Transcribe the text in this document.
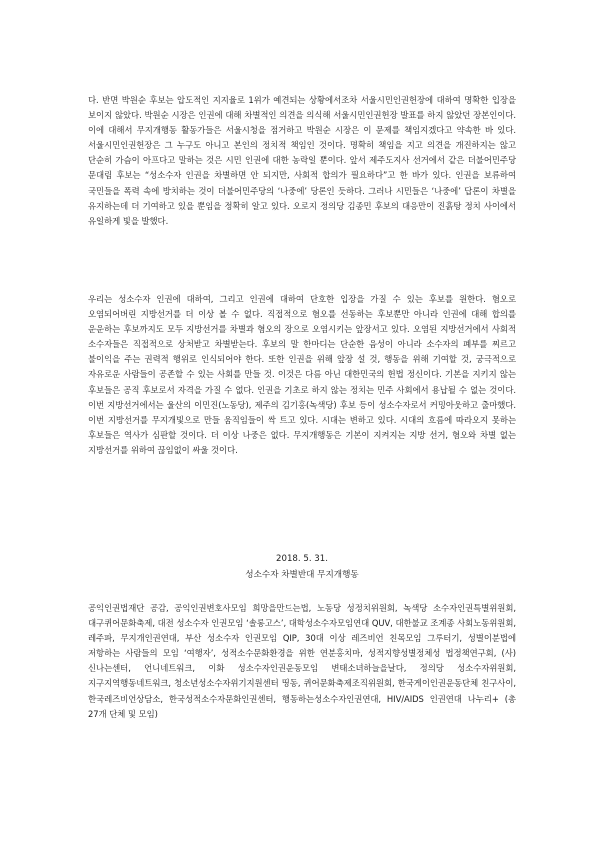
다. 반면 박원순 후보는 압도적인 지지율로 1위가 예견되는 상황에서조차 서울시민인권헌장에 대하여 명확한 입장을 보이지 않았다. 박원순 시장은 인권에 대해 차별적인 의견을 의식해 서울시민인권헌장 발표를 하지 않았던 장본인이다. 이에 대해서 무지개행동 활동가들은 서울시청을 점거하고 박원순 시장은 이 문제를 책임지겠다고 약속한 바 있다. 서울시민인권헌장은 그 누구도 아니고 본인의 정치적 책임인 것이다. 명확히 책임을 지고 의견을 개진하지는 않고 단순히 가슴이 아프다고 말하는 것은 시민 인권에 대한 농락일 뿐이다. 앞서 제주도지사 선거에서 같은 더불어민주당 문대림 후보는 “성소수자 인권을 차별하면 안 되지만, 사회적 합의가 필요하다”고 한 바가 있다. 인권을 보류하여 국민들을 폭력 속에 방치하는 것이 더불어민주당의 ‘나중에’ 당론인 듯하다. 그러나 시민들은 ‘나중에’ 답론이 차별을 유지하는데 더 기여하고 있을 뿐임을 정확히 알고 있다. 오로지 정의당 김종민 후보의 대응만이 진흙탕 정치 사이에서 유일하게 빛을 발했다.

우리는 성소수자 인권에 대하여, 그리고 인권에 대하여 단호한 입장을 가질 수 있는 후보를 원한다. 혐오로 오염되어버린 지방선거를 더 이상 볼 수 없다. 직접적으로 혐오를 선동하는 후보뿐만 아니라 인권에 대해 합의를 운운하는 후보까지도 모두 지방선거를 차별과 혐오의 장으로 오염시키는 앞장서고 있다. 오염된 지방선거에서 사회적 소수자들은 직접적으로 상처받고 차별받는다. 후보의 말 한마디는 단순한 음성이 아니라 소수자의 폐부를 찌르고 불이익을 주는 권력적 행위로 인식되어야 한다. 또한 인권을 위해 앞장 설 것, 행동을 위해 기여할 것, 궁극적으로 자유로운 사람들이 공존할 수 있는 사회를 만들 것. 이것은 다름 아닌 대한민국의 헌법 정신이다. 기본을 지키지 않는 후보들은 공직 후보로서 자격을 가질 수 없다. 인권을 기초로 하지 않는 정치는 민주 사회에서 용납될 수 없는 것이다. 이번 지방선거에서는 울산의 이민진(노동당), 제주의 김기홍(녹색당) 후보 등이 성소수자로서 커밍아웃하고 출마했다. 이번 지방선거를 무지개빛으로 만들 움직임들이 싹 트고 있다. 시대는 변하고 있다. 시대의 흐름에 따라오지 못하는 후보들은 역사가 심판할 것이다. 더 이상 나중은 없다. 무지개행동은 기본이 지켜지는 지방 선거, 혐오와 차별 없는 지방선거를 위하여 끊임없이 싸울 것이다.

2018. 5. 31.

성소수자 차별반대 무지개행동

공익인권법재단 공감, 공익인권변호사모임 희망을만드는법, 노동당 성정치위원회, 녹색당 소수자인권특별위원회, 대구퀴어문화축제, 대전 성소수자 인권모임 ‘솔롱고스’, 대학성소수자모임연대 QUV, 대한불교 조계종 사회노동위원회, 레주파, 무지개인권연대, 부산 성소수자 인권모임 QIP, 30대 이상 레즈비언 친목모임 그루터기, 성별이분법에 저항하는 사람들의 모임 ‘여행자’, 성적소수문화환경을 위한 연분홍치마, 성적지향성별정체성 법정책연구회, (사)신나는센터, 언니네트워크, 이화 성소수자인권운동모임 변태소녀하늘을날다, 정의당 성소수자위원회, 지구지역행동네트워크, 청소년성소수자위기지원센터 띵동, 퀴어문화축제조직위원회, 한국게이인권운동단체 친구사이, 한국레즈비언상담소, 한국성적소수자문화인권센터, 행동하는성소수자인권연대, HIV/AIDS 인권연대 나누리+ (총 27개 단체 및 모임)
